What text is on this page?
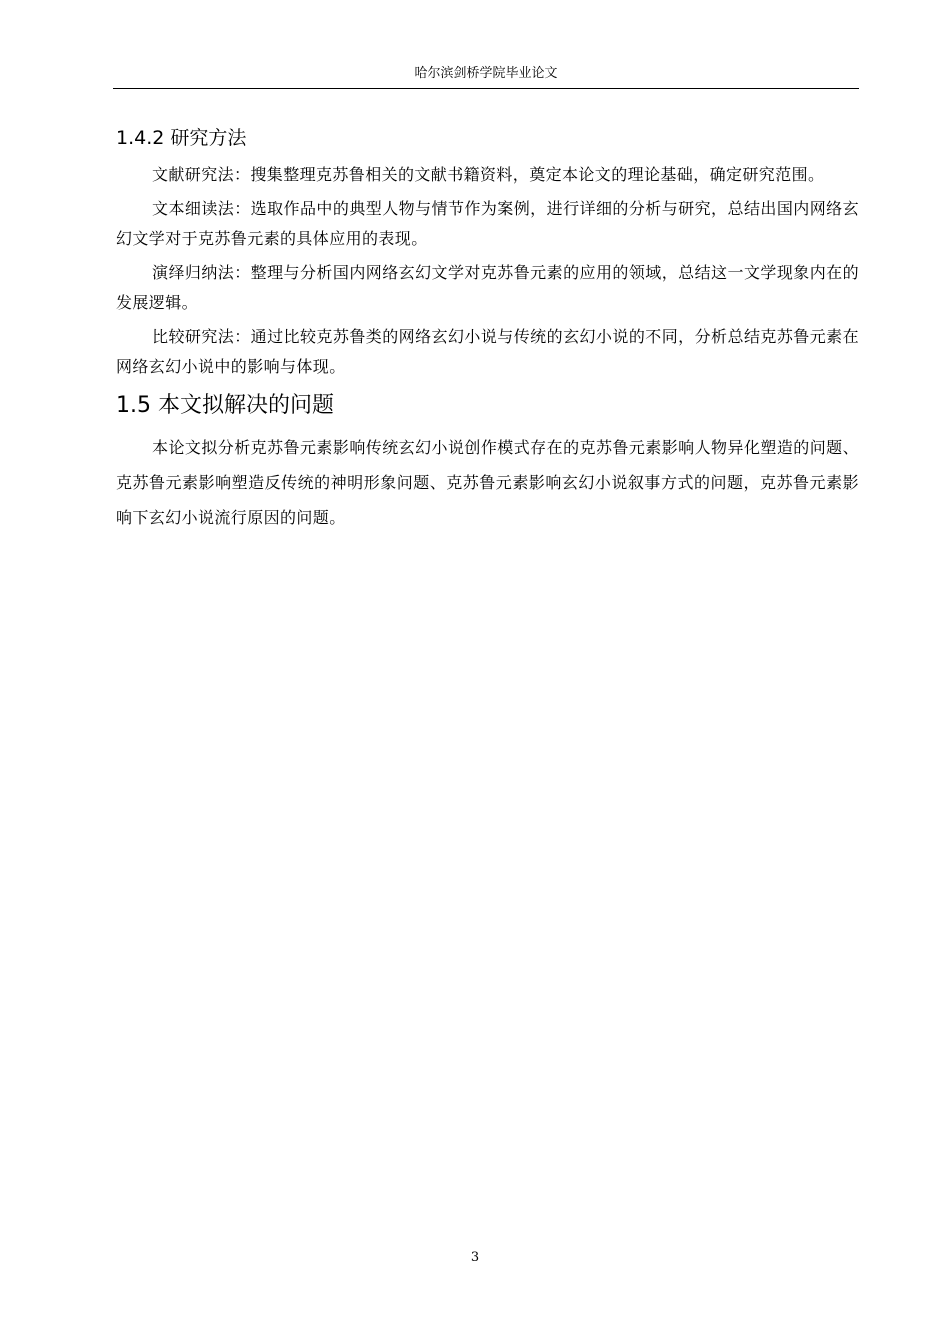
哈尔滨剑桥学院毕业论文
1.4.2 研究方法

文献研究法：搜集整理克苏鲁相关的文献书籍资料，奠定本论文的理论基础，确定研究范围。

文本细读法：选取作品中的典型人物与情节作为案例，进行详细的分析与研究，总结出国内网络玄幻文学对于克苏鲁元素的具体应用的表现。

演绎归纳法：整理与分析国内网络玄幻文学对克苏鲁元素的应用的领域，总结这一文学现象内在的发展逻辑。

比较研究法：通过比较克苏鲁类的网络玄幻小说与传统的玄幻小说的不同，分析总结克苏鲁元素在网络玄幻小说中的影响与体现。

1.5 本文拟解决的问题

本论文拟分析克苏鲁元素影响传统玄幻小说创作模式存在的克苏鲁元素影响人物异化塑造的问题、克苏鲁元素影响塑造反传统的神明形象问题、克苏鲁元素影响玄幻小说叙事方式的问题，克苏鲁元素影响下玄幻小说流行原因的问题。

3
